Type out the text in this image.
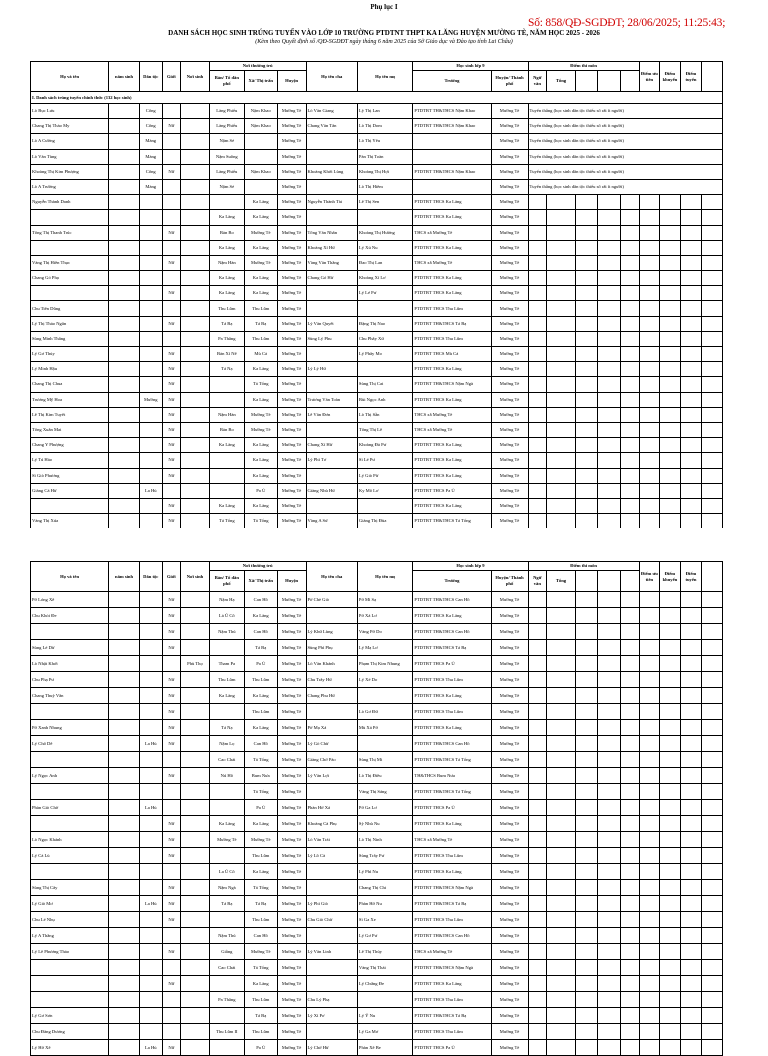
Phụ lục I
Số: 858/QĐ-SGDĐT; 28/06/2025; 11:25:43;
DANH SÁCH HỌC SINH TRÚNG TUYỂN VÀO LỚP 10 TRƯỜNG PTDTNT THPT KA LĂNG HUYỆN MƯỜNG TÈ, NĂM HỌC 2025 - 2026
(Kèm theo Quyết định số /QĐ-SGDĐT ngày tháng 6 năm 2025 của Sở Giáo dục và Đào tạo tỉnh Lai Châu)
Họ và tên	năm sinh	Dân tộc	Giới	Nơi sinh	Nơi thường trú			Họ tên cha	Họ tên mẹ	Học sinh lớp 9		Điểm thi môn					Điểm ưu tiên	Điểm khuyến	Điểm tuyển	
					Bản/ Tổ dân phố	Xã/ Thị trấn	Huyện			Trường	Huyện/ Thành phố	Ngữ văn	Tổng							
I. Danh sách trúng tuyển chính thức (132 học sinh)																				
Lò Bục Lưu		Cống			Làng Phiểu	Nậm Khao	Mường Tè	Lò Văn Giang	Lỳ Thị Lan	PTDTBT TH&THCS Nậm Khao	Mường Tè	Tuyển thẳng (học sinh dân tộc thiểu số rất ít người)								
Chang Thị Thảo My		Cống	Nữ		Làng Phiểu	Nậm Khao	Mường Tè	Chang Văn Tân	Lò Thị Dom	PTDTBT TH&THCS Nậm Khao	Mường Tè	Tuyển thẳng (học sinh dân tộc thiểu số rất ít người)								
Lò A Cường		Mảng			Nậm Sẻ		Mường Tè		Lò Thị Yêu		Mường Tè	Tuyển thẳng (học sinh dân tộc thiểu số rất ít người)								
Lò Văn Tùng		Mảng			Nậm Suồng		Mường Tè		Pàn Thị Toàn		Mường Tè	Tuyển thẳng (học sinh dân tộc thiểu số rất ít người)								
Khoàng Thị Kim Phượng		Cống	Nữ		Làng Phiểu	Nậm Khao	Mường Tè	Khoàng Khởi Lùng	Khoàng Thị Hợi	PTDTBT TH&THCS Nậm Khao	Mường Tè	Tuyển thẳng (học sinh dân tộc thiểu số rất ít người)								
Lò A Trường		Mảng			Nậm Sẻ		Mường Tè		Lò Thị Hiêm		Mường Tè	Tuyển thẳng (học sinh dân tộc thiểu số rất ít người)								
Nguyễn Thành Danh						Ka Lăng	Mường Tè	Nguyễn Thành Tài	Lê Thị Sen	PTDTBT THCS Ka Lăng	Mường Tè									
					Ka Lăng	Ka Lăng	Mường Tè			PTDTBT THCS Ka Lăng	Mường Tè									
Tống Thị Thanh Trúc			Nữ		Bản Bo	Mường Tè	Mường Tè	Tống Văn Nhân	Khoàng Thị Hường	THCS xã Mường Tè	Mường Tè									
					Ka Lăng	Ka Lăng	Mường Tè	Khoàng Xí Hừ	Lý Xú Nu	PTDTBT THCS Ka Lăng	Mường Tè									
Vàng Thị Hiền Thục			Nữ		Nậm Hàn	Mường Tè	Mường Tè	Vàng Văn Thắng	Đao Thị Lan	THCS xã Mường Tè	Mường Tè									
Chang Gó Phạ					Ka Lăng	Ka Lăng	Mường Tè	Chang Gó Hừ	Khoàng Xí Lơ	PTDTBT THCS Ka Lăng	Mường Tè									
			Nữ		Ka Lăng	Ka Lăng	Mường Tè		Lý Lé Pư	PTDTBT THCS Ka Lăng	Mường Tè									
Chu Tiến Dũng					Thu Lũm	Thu Lũm	Mường Tè			PTDTBT THCS Thu Lũm	Mường Tè									
Lý Thị Thảo Ngân			Nữ		Tá Bạ	Tá Bạ	Mường Tè	Lý Văn Quyết	Đặng Thị Nao	PTDTBT TH&THCS Tá Bạ	Mường Tè									
Sùng Minh Thắng					Pa Thắng	Thu Lũm	Mường Tè	Sùng Lý Phu	Chu Phây Xừ	PTDTBT THCS Thu Lũm	Mường Tè									
Lý Gơ Thủy			Nữ		Bản Xì Nế	Mù Cả	Mường Tè		Lý Phây Mo	PTDTBT THCS Mù Cả	Mường Tè									
Lý Minh Hậu			Nữ		Tá Nạ	Ka Lăng	Mường Tè	Lý Lý Hừ		PTDTBT THCS Ka Lăng	Mường Tè									
Chang Thị Chua			Nữ			Tá Tổng	Mường Tè		Sùng Thị Cai	PTDTBT TH&THCS Nậm Ngà	Mường Tè									
Trương Mỹ Hoa		Mường	Nữ			Ka Lăng	Mường Tè	Trương Văn Toàn	Bùi Ngọc Anh	PTDTBT THCS Ka Lăng	Mường Tè									
Lê Thị Kim Tuyết			Nữ		Nậm Hàn	Mường Tè	Mường Tè	Lê Văn Đơn	Lò Thị Sẵn	THCS xã Mường Tè	Mường Tè									
Tống Xuân Mai			Nữ		Bản Bo	Mường Tè	Mường Tè		Tống Thị Lê	THCS xã Mường Tè	Mường Tè									
Chang Y Phượng			Nữ		Ka Lăng	Ka Lăng	Mường Tè	Chang Xí Hừ	Khoàng Đả Pư	PTDTBT THCS Ka Lăng	Mường Tè									
Lý Tú Hảo			Nữ			Ka Lăng	Mường Tè	Lý Phì Tơ	Sì Lé Pư	PTDTBT THCS Ka Lăng	Mường Tè									
Sì Giò Phương			Nữ			Ka Lăng	Mường Tè		Lý Giò Pừ	PTDTBT THCS Ka Lăng	Mường Tè									
Giàng Cá Hừ		La Hủ				Pa Ủ	Mường Tè	Giàng Nhù Hừ	Ky Mô Lơ	PTDTBT THCS Pa Ủ	Mường Tè									
			Nữ		Ka Lăng	Ka Lăng	Mường Tè			PTDTBT THCS Ka Lăng	Mường Tè									
Vàng Thị Xúa			Nữ		Tá Tổng	Tá Tổng	Mường Tè	Vàng A Sử	Giàng Thị Đùa	PTDTBT TH&THCS Tá Tổng	Mường Tè									
Họ và tên	năm sinh	Dân tộc	Giới	Nơi sinh	Nơi thường trú			Họ tên cha	Họ tên mẹ	Học sinh lớp 9		Điểm thi môn					Điểm ưu tiên	Điểm khuyến	Điểm tuyển	
					Bản/ Tổ dân phố	Xã/ Thị trấn	Huyện			Trường	Huyện/ Thành phố	Ngữ văn	Tổng							
Pờ Lóng Xê			Nữ		Nậm Hạ	Can Hồ	Mường Tè	Pờ Chè Giò	Pờ Mì Sạ	PTDTBT TH&THCS Can Hồ	Mường Tè									
Chu Khỏi Đe			Nữ		Lả Ú Cô	Ka Lăng	Mường Tè		Pờ Xá Lơ	PTDTBT THCS Ka Lăng	Mường Tè									
			Nữ		Nậm Thú	Can Hồ	Mường Tè	Lý Khừ Lùng	Vàng Pờ Do	PTDTBT TH&THCS Can Hồ	Mường Tè									
Sùng Lé Dừ			Nữ			Tá Bạ	Mường Tè	Sùng Phì Phụ	Lý Mạ Lơ	PTDTBT TH&THCS Tá Bạ	Mường Tè									
Lò Nhật Khởi				Phù Thọ	Tham Pa	Pa Ủ	Mường Tè	Lò Văn Khánh	Phạm Thị Kim Nhung	PTDTBT THCS Pa Ủ	Mường Tè									
Chu Phạ Pư			Nữ		Thu Lũm	Thu Lũm	Mường Tè	Chu Trây Hừ	Lý Xé Do	PTDTBT THCS Thu Lũm	Mường Tè									
Chang Thuỳ Vân			Nữ		Ka Lăng	Ka Lăng	Mường Tè	Chang Phu Hừ		PTDTBT THCS Ka Lăng	Mường Tè									
			Nữ			Thu Lũm	Mường Tè		Lò Gơ Đừ	PTDTBT THCS Thu Lũm	Mường Tè									
Pờ Xanh Nhung			Nữ		Tá Nạ	Ka Lăng	Mường Tè	Pờ Mạ Xá	Mù Xá Pờ	PTDTBT THCS Ka Lăng	Mường Tè									
Lý Chố Dê		La Hủ	Nữ		Nậm Lọ	Can Hồ	Mường Tè	Lý Gò Chừ		PTDTBT TH&THCS Can Hồ	Mường Tè									
					Cao Chải	Tá Tổng	Mường Tè	Giàng Chờ Páo	Sùng Thị Mỉ	PTDTBT TH&THCS Tá Tổng	Mường Tè									
Lý Ngọc Anh			Nữ		Nú Hồ	Bum Nưa	Mường Tè	Lý Văn Lợi	Lò Thị Điều	TH&THCS Bum Nưa	Mường Tè									
						Tá Tổng	Mường Tè		Vàng Thị Sáng	PTDTBT TH&THCS Tá Tổng	Mường Tè									
Phàn Giò Chờ		La Hủ				Pa Ủ	Mường Tè	Phàn Hờ Xá	Pờ Ga Lơ	PTDTBT THCS Pa Ủ	Mường Tè									
			Nữ		Ka Lăng	Ka Lăng	Mường Tè	Khoàng Cà Phụ	Sỳ Nhù Nu	PTDTBT THCS Ka Lăng	Mường Tè									
Lò Ngọc Khánh			Nữ		Mường Tè	Mường Tè	Mường Tè	Lò Văn Trái	Lò Thị Ninh	THCS xã Mường Tè	Mường Tè									
Lý Cà Lù			Nữ			Thu Lũm	Mường Tè	Lý Lồ Cà	Sùng Trây Pư	PTDTBT THCS Thu Lũm	Mường Tè									
					La Ú Cô	Ka Lăng	Mường Tè		Lý Phì Nu	PTDTBT THCS Ka Lăng	Mường Tè									
Sùng Thị Cây			Nữ		Nậm Ngà	Tá Tổng	Mường Tè		Chang Thị Chi	PTDTBT TH&THCS Nậm Ngà	Mường Tè									
Lý Giò Mơ		La Hủ	Nữ		Tá Bạ	Tá Bạ	Mường Tè	Lý Phì Giò	Phàn Hờ Nu	PTDTBT TH&THCS Tá Bạ	Mường Tè									
Chu Lé Nhụ			Nữ			Thu Lũm	Mường Tè	Chu Giò Chừ	Sì Ga Xe	PTDTBT THCS Thu Lũm	Mường Tè									
Lý A Thắng					Nậm Thú	Can Hồ	Mường Tè		Lý Gơ Pư	PTDTBT TH&THCS Can Hồ	Mường Tè									
Lý Lê Phương Thảo			Nữ		Giẳng	Mường Tè	Mường Tè	Lý Văn Linh	Lê Thị Thúy	THCS xã Mường Tè	Mường Tè									
					Cao Chải	Tá Tổng	Mường Tè		Vàng Thị Thái	PTDTBT TH&THCS Nậm Ngà	Mường Tè									
			Nữ			Ka Lăng	Mường Tè		Lý Chứng Đe	PTDTBT THCS Ka Lăng	Mường Tè									
					Pa Thắng	Thu Lũm	Mường Tè	Chu Lý Phạ		PTDTBT THCS Thu Lũm	Mường Tè									
Lý Gơ Sơn						Tá Bạ	Mường Tè	Lý Xì Pơ	Lý Ý Nu	PTDTBT TH&THCS Tá Bạ	Mường Tè									
Chu Đăng Dương					Thu Lũm II	Thu Lũm	Mường Tè		Lý Ga Mơ	PTDTBT THCS Thu Lũm	Mường Tè									
Lý Hờ Xê		La Hủ	Nữ			Pa Ủ	Mường Tè	Lý Chờ Hừ	Phàn Xê Be	PTDTBT THCS Pa Ủ	Mường Tè									
